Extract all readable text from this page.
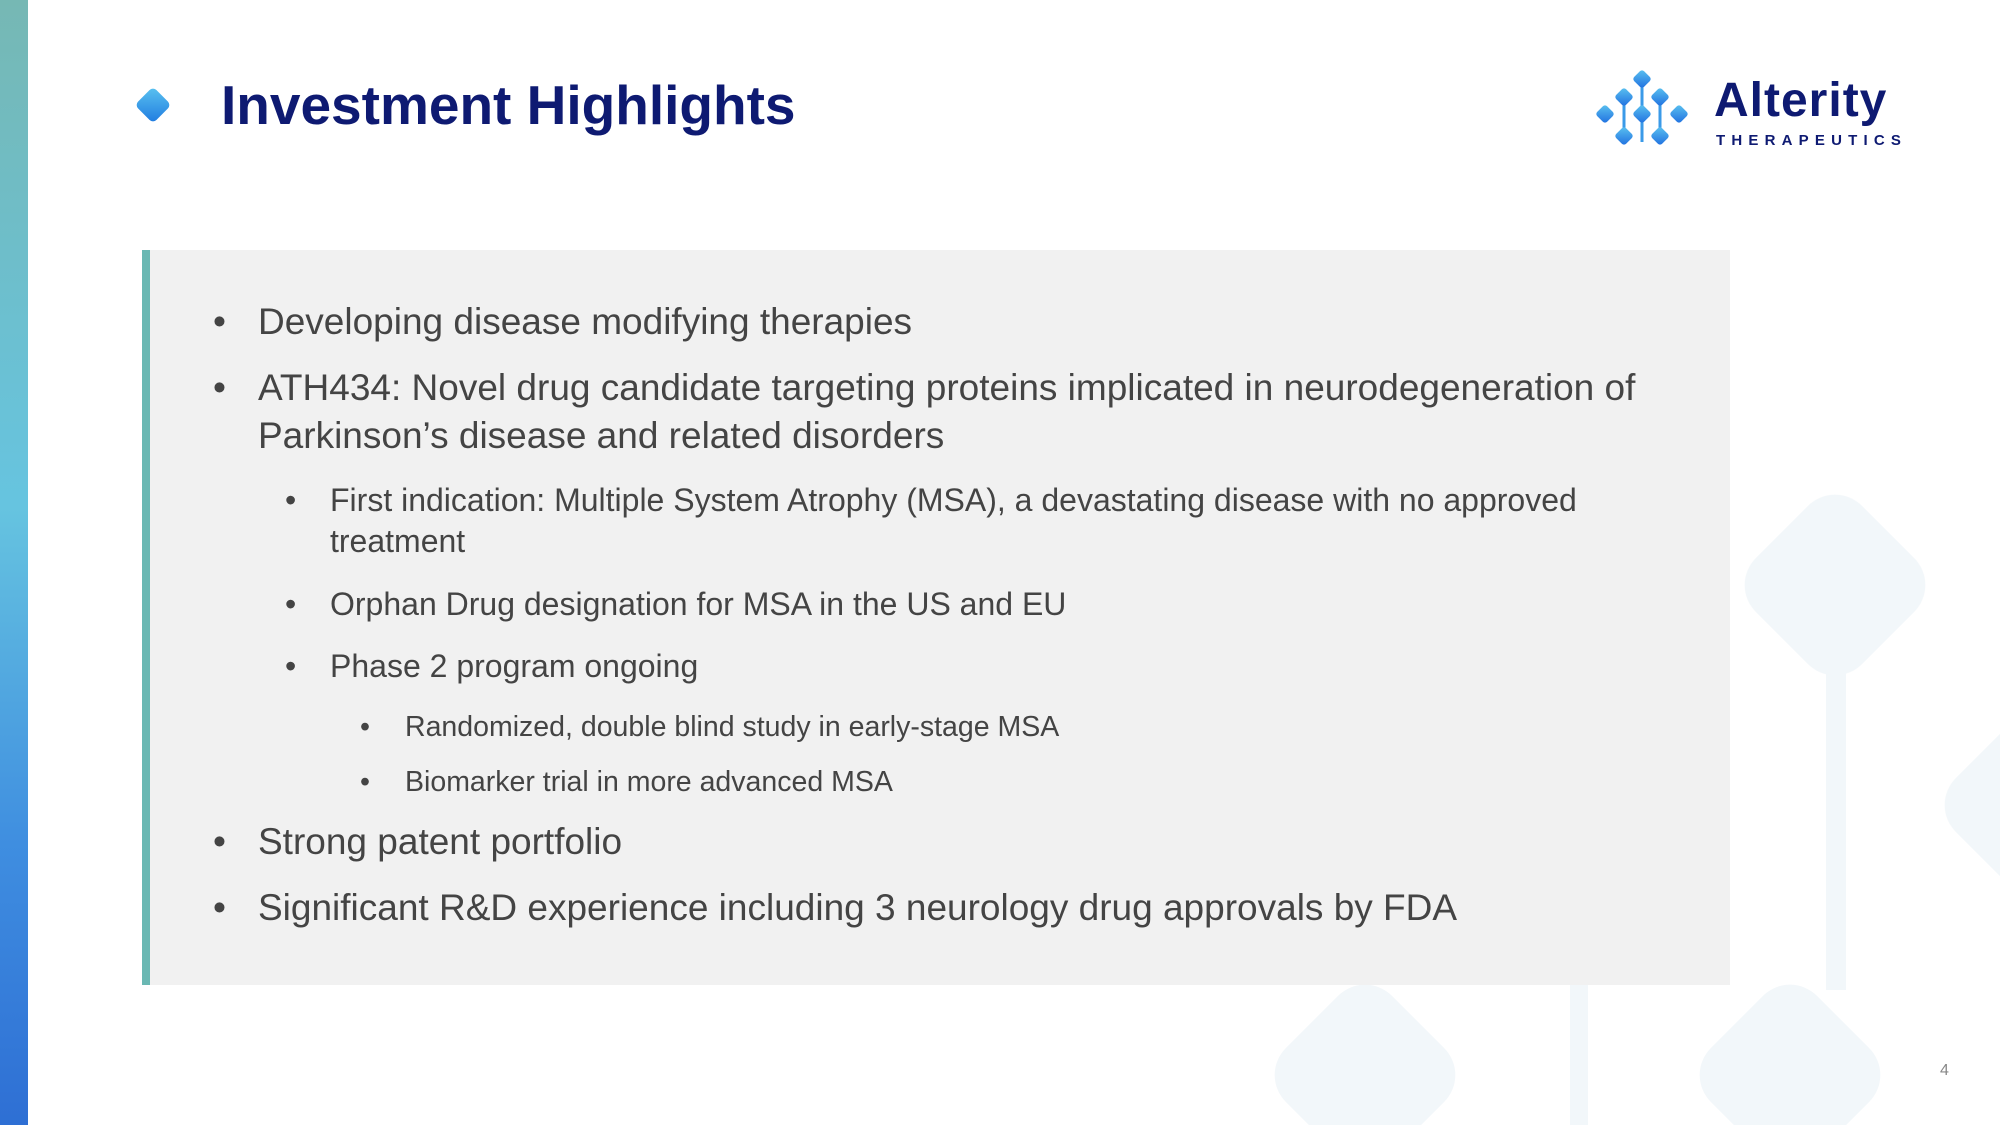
Investment Highlights	Alterity
THERAPEUTICS
• Developing disease modifying therapies
• ATH434: Novel drug candidate targeting proteins implicated in neurodegeneration of Parkinson’s disease and related disorders
• First indication: Multiple System Atrophy (MSA), a devastating disease with no approved treatment
• Orphan Drug designation for MSA in the US and EU
• Phase 2 program ongoing
• Randomized, double blind study in early-stage MSA
• Biomarker trial in more advanced MSA
• Strong patent portfolio
• Significant R&D experience including 3 neurology drug approvals by FDA
4
